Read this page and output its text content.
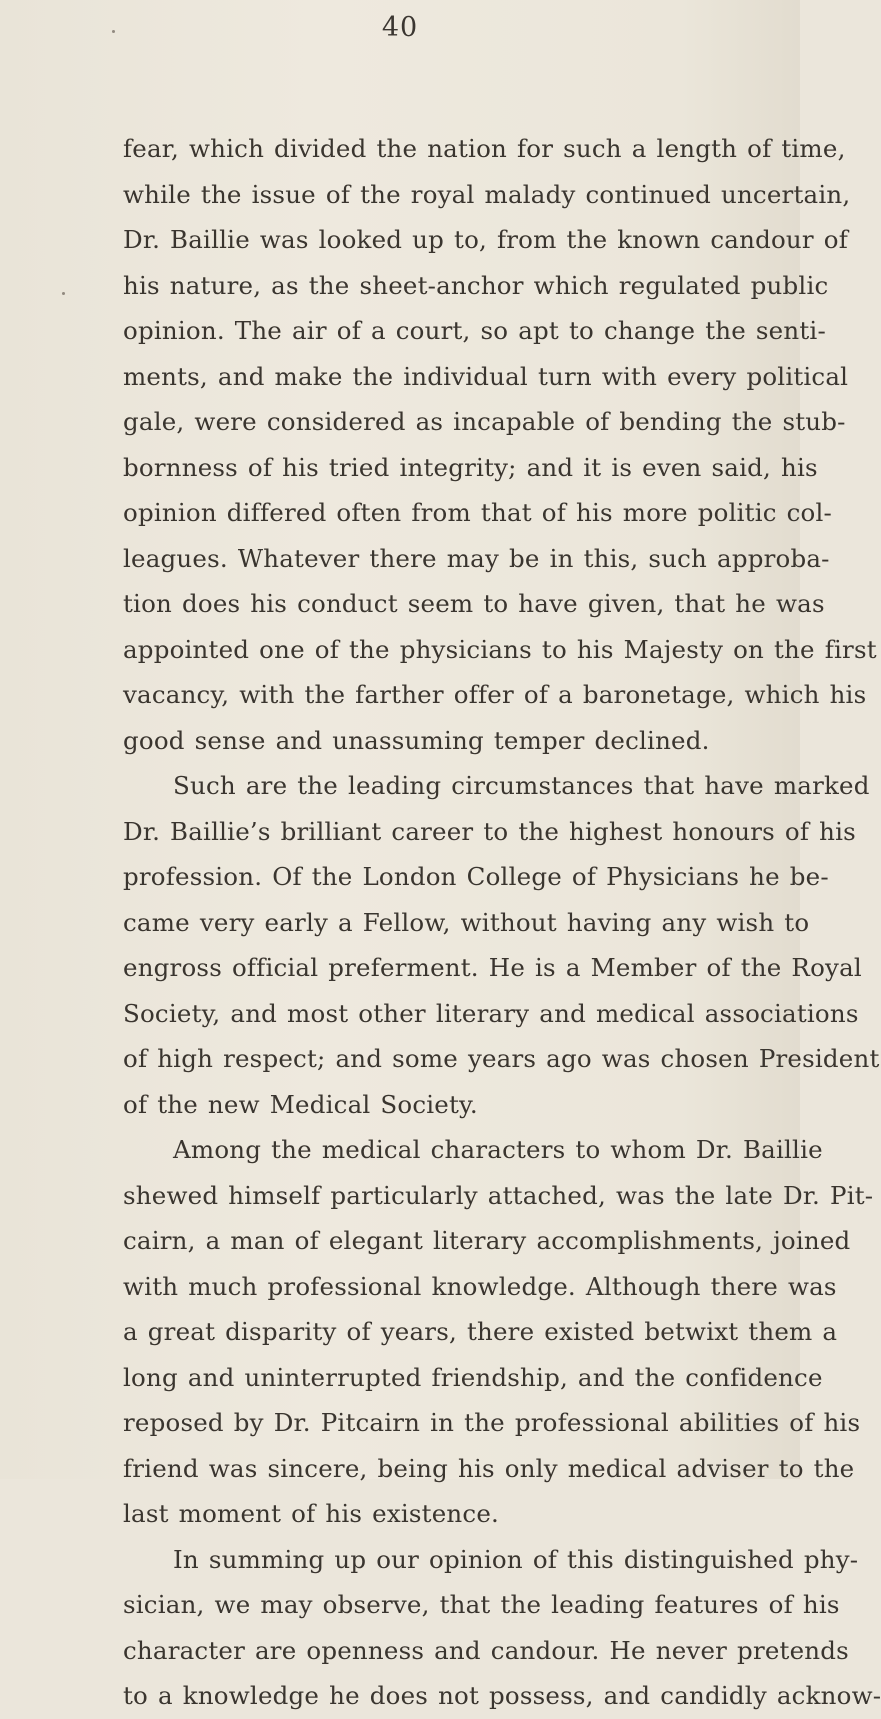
40
fear, which divided the nation for such a length of time,
while the issue of the royal malady continued uncertain,
Dr. Baillie was looked up to, from the known candour of
his nature, as the sheet-anchor which regulated public
opinion. The air of a court, so apt to change the senti-
ments, and make the individual turn with every political
gale, were considered as incapable of bending the stub-
bornness of his tried integrity; and it is even said, his
opinion differed often from that of his more politic col-
leagues. Whatever there may be in this, such approba-
tion does his conduct seem to have given, that he was
appointed one of the physicians to his Majesty on the first
vacancy, with the farther offer of a baronetage, which his
good sense and unassuming temper declined.
Such are the leading circumstances that have marked
Dr. Baillie’s brilliant career to the highest honours of his
profession. Of the London College of Physicians he be-
came very early a Fellow, without having any wish to
engross official preferment. He is a Member of the Royal
Society, and most other literary and medical associations
of high respect; and some years ago was chosen President
of the new Medical Society.
Among the medical characters to whom Dr. Baillie
shewed himself particularly attached, was the late Dr. Pit-
cairn, a man of elegant literary accomplishments, joined
with much professional knowledge. Although there was
a great disparity of years, there existed betwixt them a
long and uninterrupted friendship, and the confidence
reposed by Dr. Pitcairn in the professional abilities of his
friend was sincere, being his only medical adviser to the
last moment of his existence.
In summing up our opinion of this distinguished phy-
sician, we may observe, that the leading features of his
character are openness and candour. He never pretends
to a knowledge he does not possess, and candidly acknow-
